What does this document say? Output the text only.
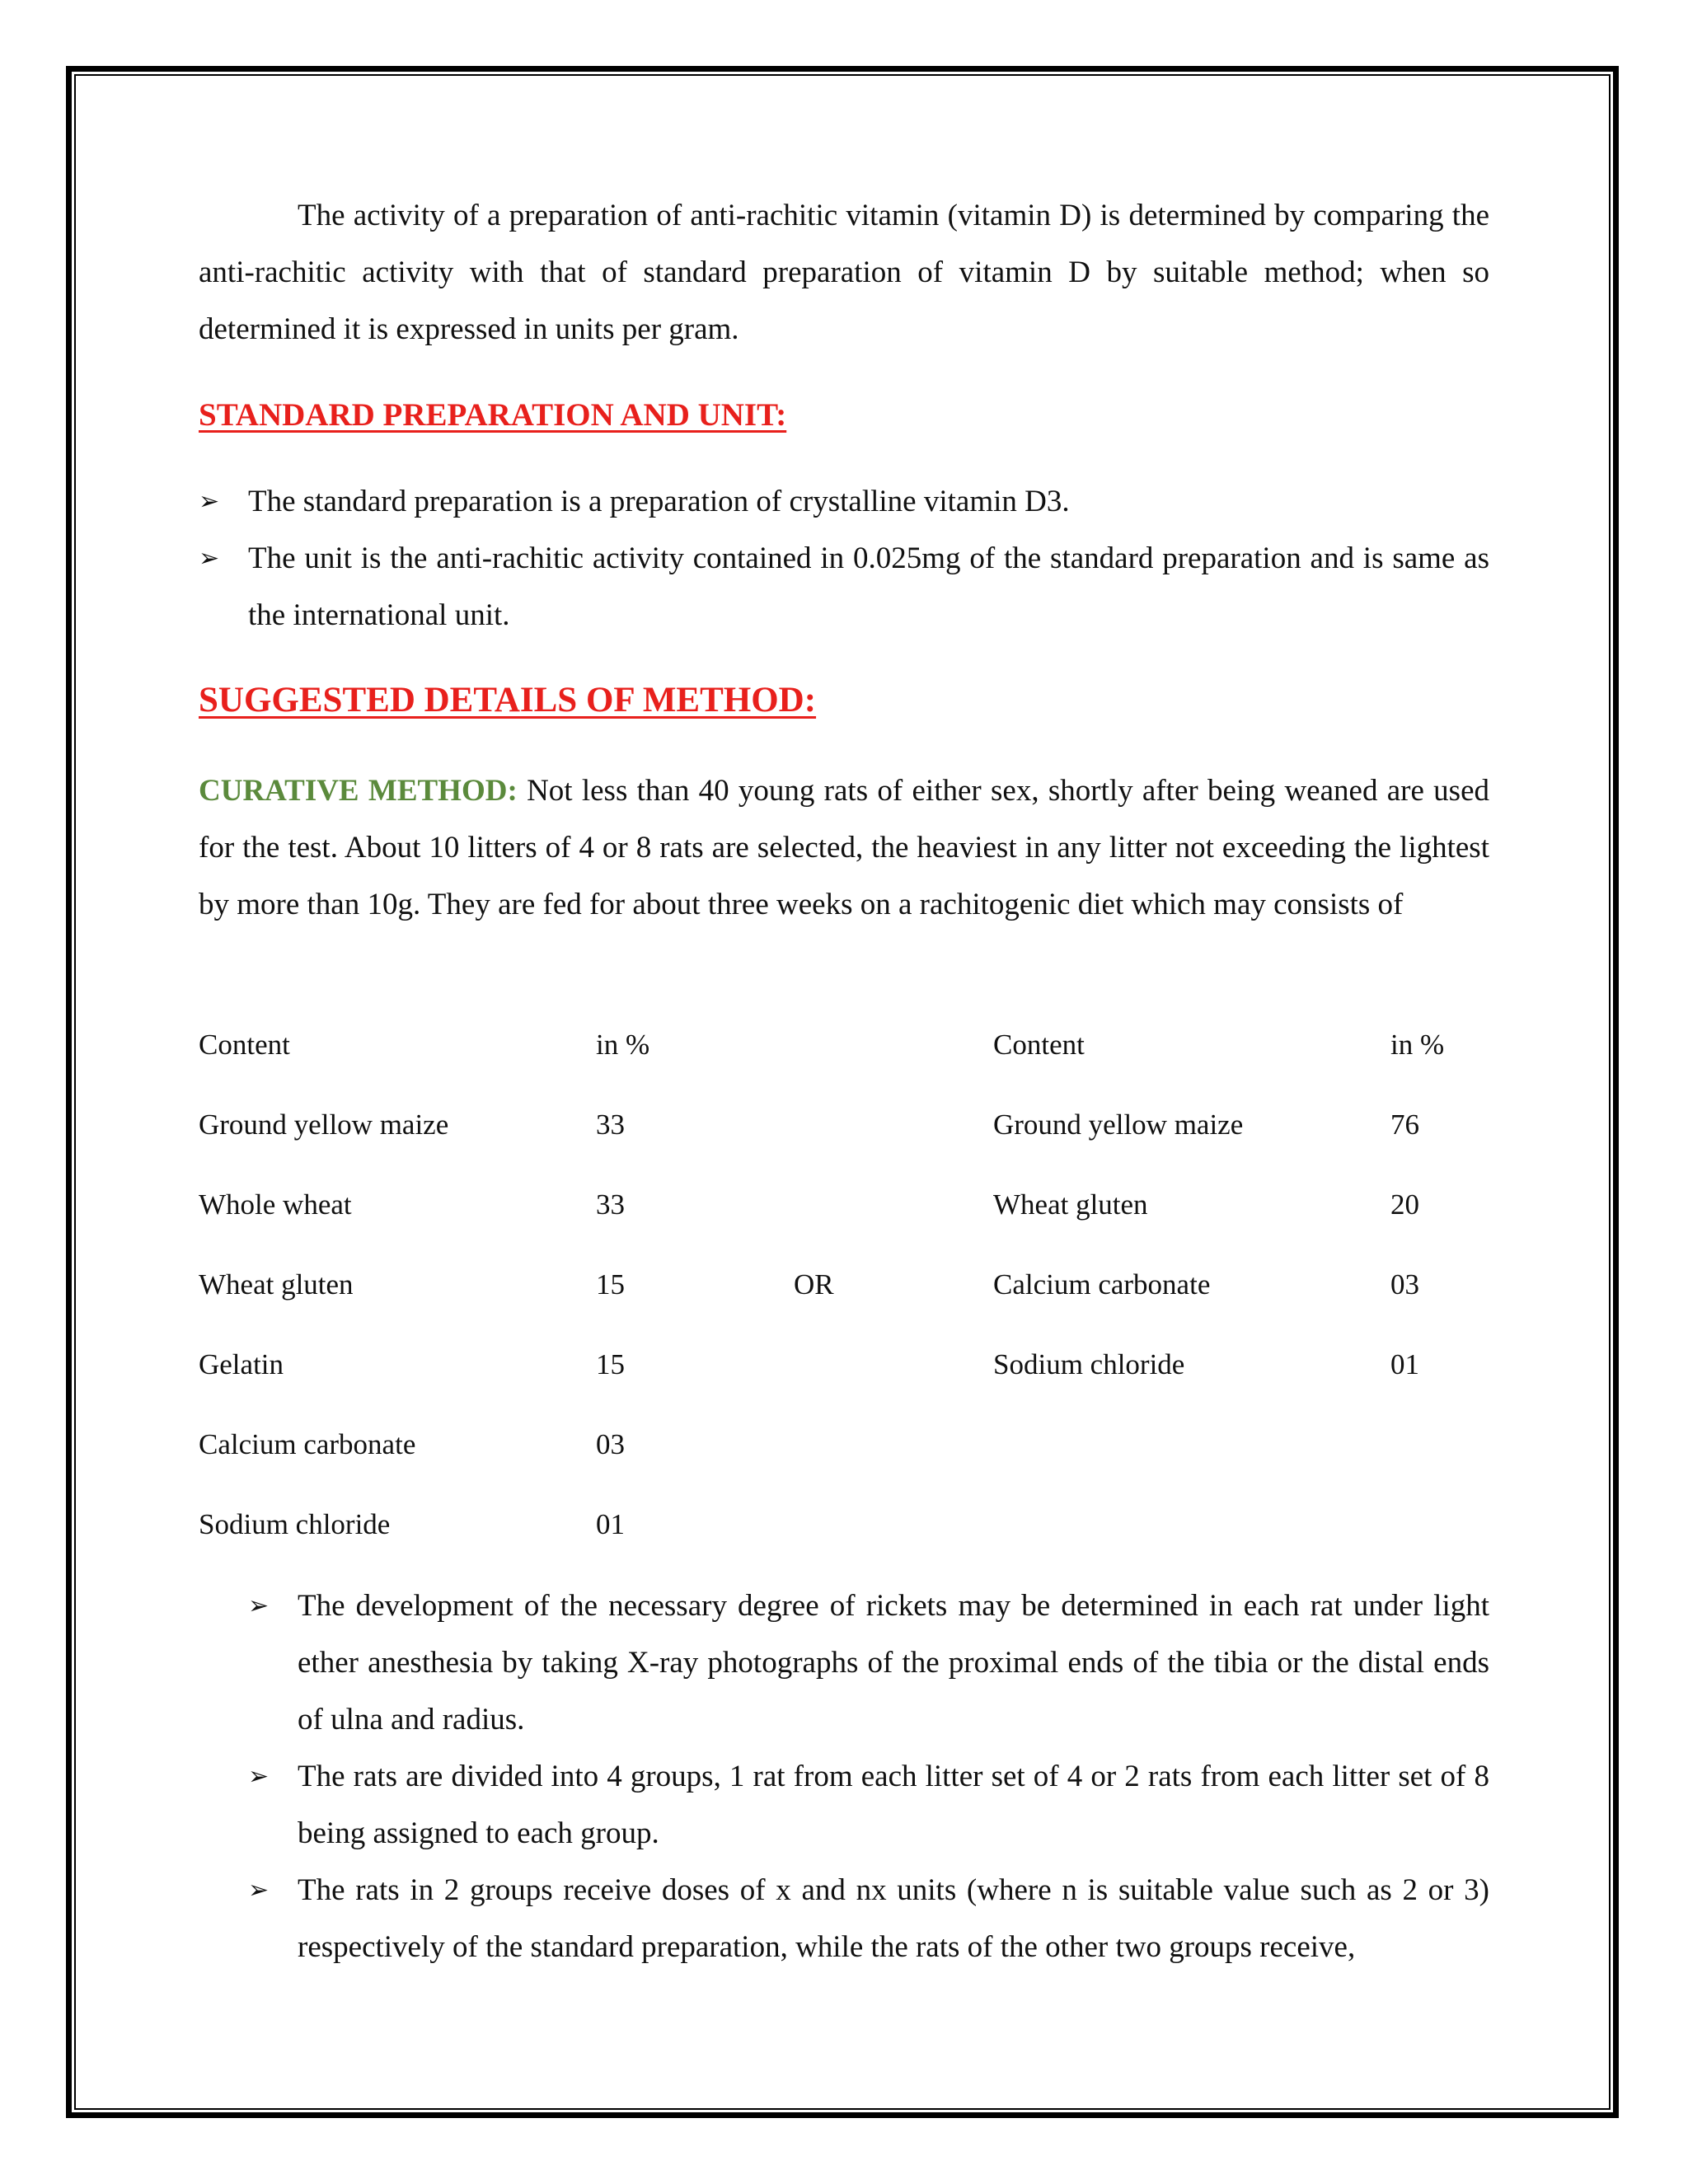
The activity of a preparation of anti-rachitic vitamin (vitamin D) is determined by comparing the anti-rachitic activity with that of standard preparation of vitamin D by suitable method; when so determined it is expressed in units per gram.

STANDARD PREPARATION AND UNIT:

➢ The standard preparation is a preparation of crystalline vitamin D3.
➢ The unit is the anti-rachitic activity contained in 0.025mg of the standard preparation and is same as the international unit.

SUGGESTED DETAILS OF METHOD:

CURATIVE METHOD: Not less than 40 young rats of either sex, shortly after being weaned are used for the test. About 10 litters of 4 or 8 rats are selected, the heaviest in any litter not exceeding the lightest by more than 10g. They are fed for about three weeks on a rachitogenic diet which may consists of

Content	in %
Ground yellow maize	33
Whole wheat	33
Wheat gluten	15
Gelatin	15
Calcium carbonate	03
Sodium chloride	01
OR
Content	in %
Ground yellow maize	76
Wheat gluten	20
Calcium carbonate	03
Sodium chloride	01
➢ The development of the necessary degree of rickets may be determined in each rat under light ether anesthesia by taking X-ray photographs of the proximal ends of the tibia or the distal ends of ulna and radius.
➢ The rats are divided into 4 groups, 1 rat from each litter set of 4 or 2 rats from each litter set of 8 being assigned to each group.
➢ The rats in 2 groups receive doses of x and nx units (where n is suitable value such as 2 or 3) respectively of the standard preparation, while the rats of the other two groups receive,
